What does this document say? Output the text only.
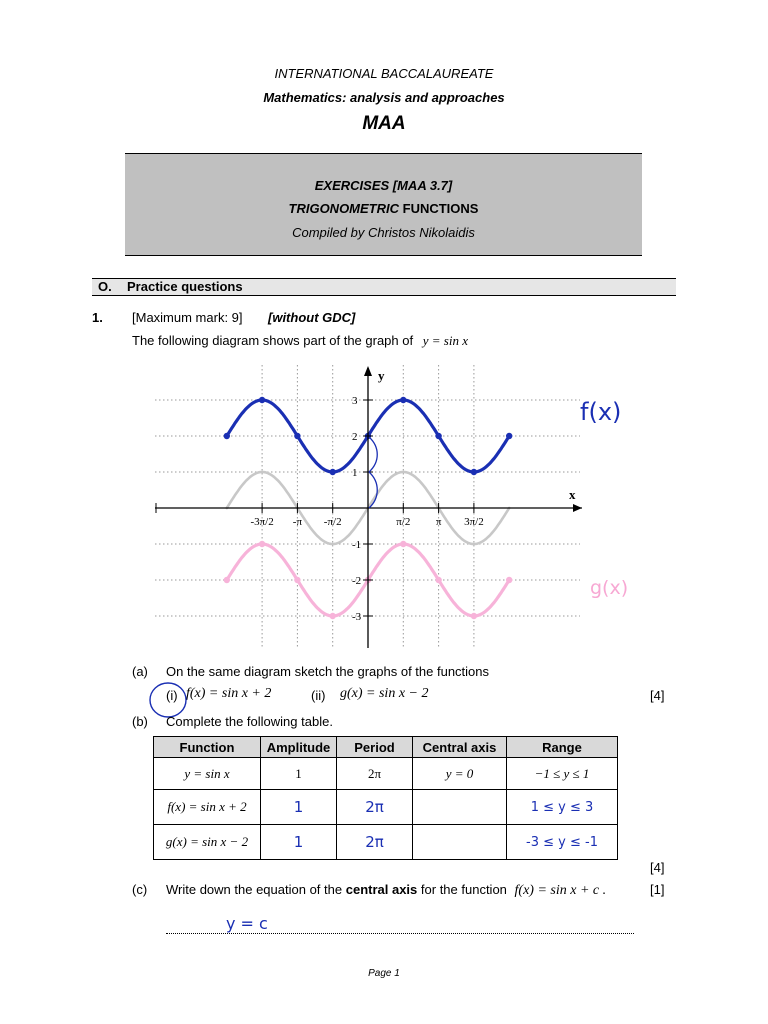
INTERNATIONAL BACCALAUREATE
Mathematics: analysis and approaches
MAA
EXERCISES [MAA 3.7]
TRIGONOMETRIC FUNCTIONS
Compiled by Christos Nikolaidis
O. Practice questions
1. [Maximum mark: 9] [without GDC]
The following diagram shows part of the graph of y = sin x
3
2
1
-1
-2
-3
-3π/2 -π -π/2	π/2 π 3π/2
y
x
f(x)
g(x)
(a) On the same diagram sketch the graphs of the functions
(i) f(x) = sin x + 2	(ii) g(x) = sin x − 2	[4]
(b) Complete the following table.
Function	Amplitude	Period	Central axis	Range
y = sin x	1	2π	y = 0	−1 ≤ y ≤ 1
f(x) = sin x + 2	1	2π		1 ≤ y ≤ 3
g(x) = sin x − 2	1	2π		-3 ≤ y ≤ -1
[4]
(c) Write down the equation of the central axis for the function f(x) = sin x + c .	[1]
y = c
Page 1
